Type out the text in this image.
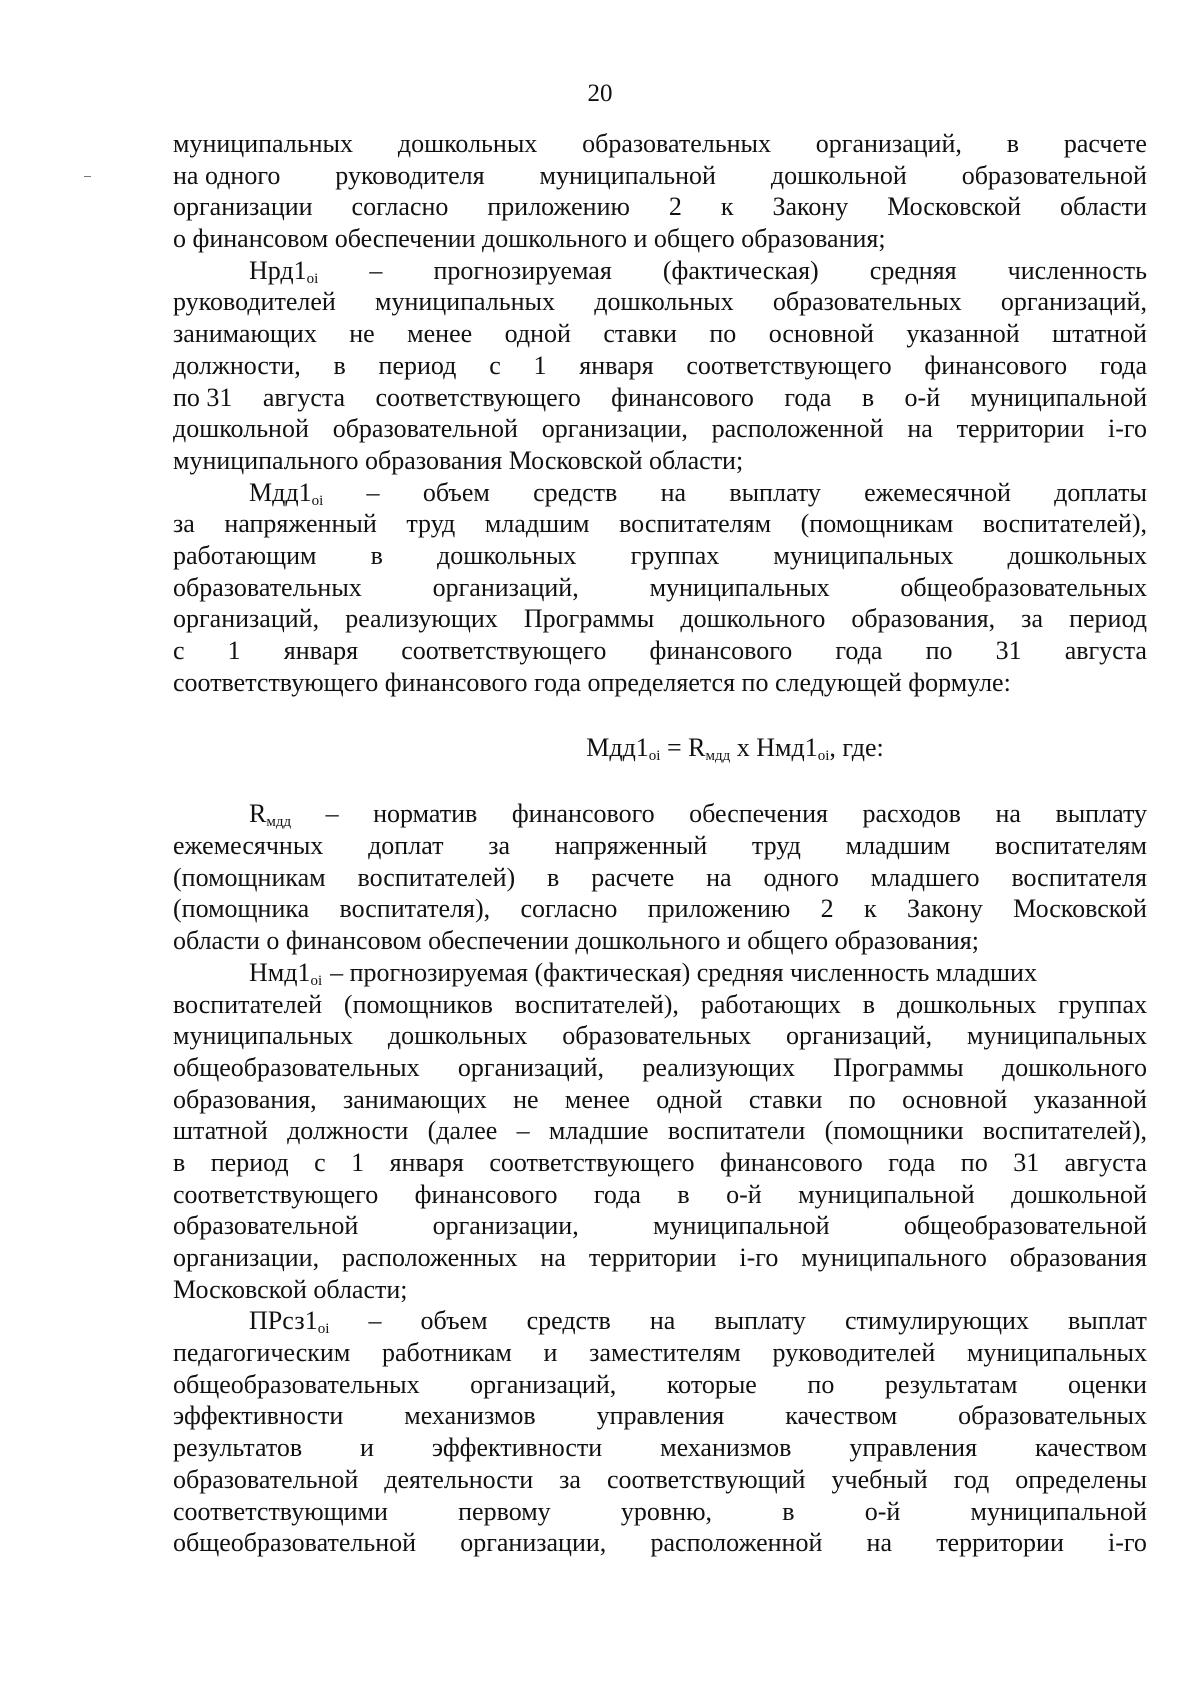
20
муниципальных дошкольных образовательных организаций, в расчете
на одного руководителя муниципальной дошкольной образовательной
организации согласно приложению 2 к Закону Московской области
о финансовом обеспечении дошкольного и общего образования;
$Нрд1_{oi}$ – прогнозируемая (фактическая) средняя численность
руководителей муниципальных дошкольных образовательных организаций,
занимающих не менее одной ставки по основной указанной штатной
должности, в период с 1 января соответствующего финансового года
по 31 августа соответствующего финансового года в о-й муниципальной
дошкольной образовательной организации, расположенной на территории i-го
муниципального образования Московской области;
$Мдд1_{oi}$ – объем средств на выплату ежемесячной доплаты
за напряженный труд младшим воспитателям (помощникам воспитателей),
работающим в дошкольных группах муниципальных дошкольных
образовательных	организаций,	муниципальных	общеобразовательных
организаций, реализующих Программы дошкольного образования, за период
с 1 января соответствующего финансового года по 31 августа
соответствующего финансового года определяется по следующей формуле:
$Мдд1_{oi} = R_{мдд}$ х $Нмд1_{oi}$, где:
$R_{мдд}$ – норматив финансового обеспечения расходов на выплату
ежемесячных доплат за напряженный труд младшим воспитателям
(помощникам воспитателей) в расчете на одного младшего воспитателя
(помощника воспитателя), согласно приложению 2 к Закону Московской
области о финансовом обеспечении дошкольного и общего образования;
$Нмд1_{oi}$ – прогнозируемая (фактическая) средняя численность младших
воспитателей (помощников воспитателей), работающих в дошкольных группах
муниципальных дошкольных образовательных организаций, муниципальных
общеобразовательных организаций, реализующих Программы дошкольного
образования, занимающих не менее одной ставки по основной указанной
штатной должности (далее – младшие воспитатели (помощники воспитателей),
в период с 1 января соответствующего финансового года по 31 августа
соответствующего финансового года в о-й муниципальной дошкольной
образовательной	организации,	муниципальной	общеобразовательной
организации, расположенных на территории i-го муниципального образования
Московской области;
$ПРсз1_{oi}$ – объем средств на выплату стимулирующих выплат
педагогическим работникам и заместителям руководителей муниципальных
общеобразовательных организаций, которые по результатам оценки
эффективности механизмов управления качеством образовательных
результатов и эффективности механизмов управления качеством
образовательной деятельности за соответствующий учебный год определены
соответствующими	первому	уровню,	в	о-й	муниципальной
общеобразовательной организации, расположенной на территории i-го
